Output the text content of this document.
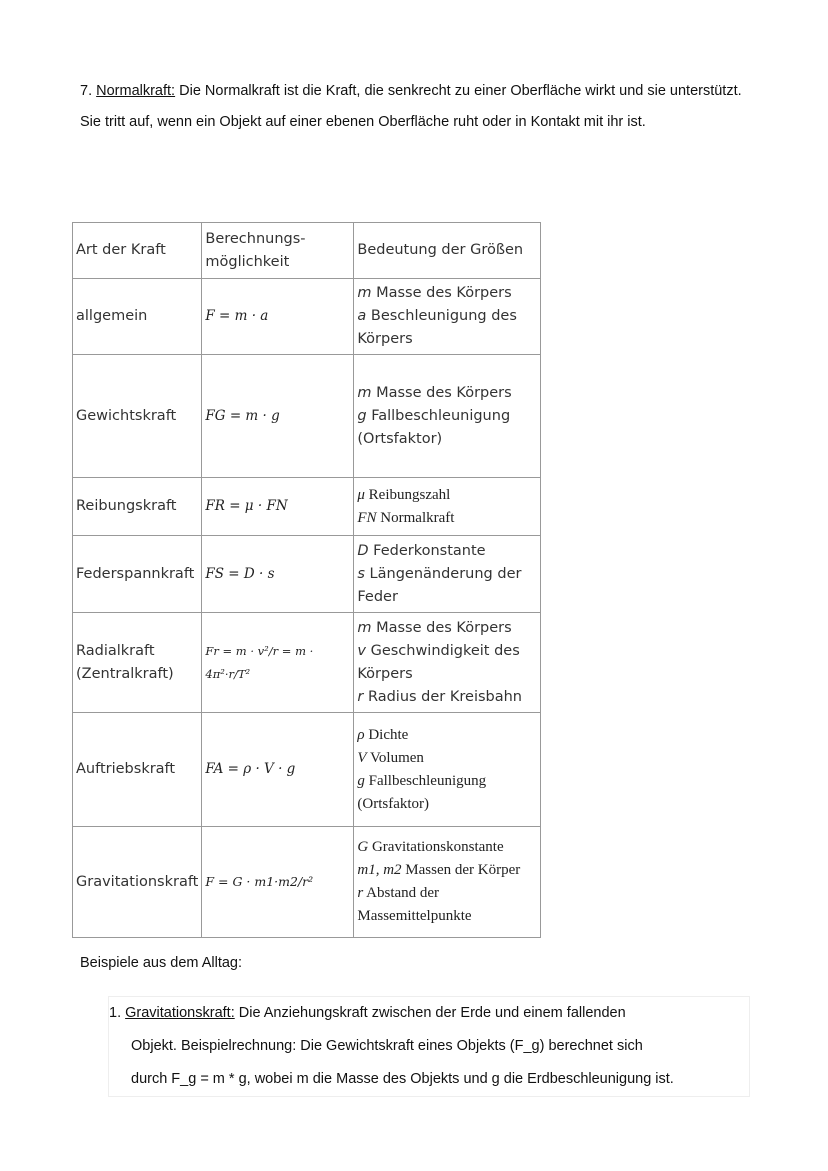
7. Normalkraft: Die Normalkraft ist die Kraft, die senkrecht zu einer Oberfläche wirkt und sie unterstützt. Sie tritt auf, wenn ein Objekt auf einer ebenen Oberfläche ruht oder in Kontakt mit ihr ist.
Art der Kraft	Berechnungs-möglichkeit	Bedeutung der Größen
allgemein	F = m · a	m Masse des Körpers
a Beschleunigung des Körpers

Gewichtskraft	FG = m · g	m Masse des Körpers
g Fallbeschleunigung (Ortsfaktor)

Reibungskraft	FR = μ · FN	μ Reibungszahl
FN Normalkraft

Federspannkraft	FS = D · s	D Federkonstante
s Längenänderung der Feder

Radialkraft (Zentralkraft)	Fr = m · v²/r = m · 4π²·r/T²	m Masse des Körpers
v Geschwindigkeit des Körpers
r Radius der Kreisbahn

Auftriebskraft	FA = ρ · V · g	ρ Dichte
V Volumen
g Fallbeschleunigung (Ortsfaktor)

Gravitationskraft	F = G · m1·m2/r²	G Gravitationskonstante
m1, m2 Massen der Körper
r Abstand der Massemittelpunkte
Beispiele aus dem Alltag:
1. Gravitationskraft: Die Anziehungskraft zwischen der Erde und einem fallenden
Objekt. Beispielrechnung: Die Gewichtskraft eines Objekts (F_g) berechnet sich
durch F_g = m * g, wobei m die Masse des Objekts und g die Erdbeschleunigung ist.
